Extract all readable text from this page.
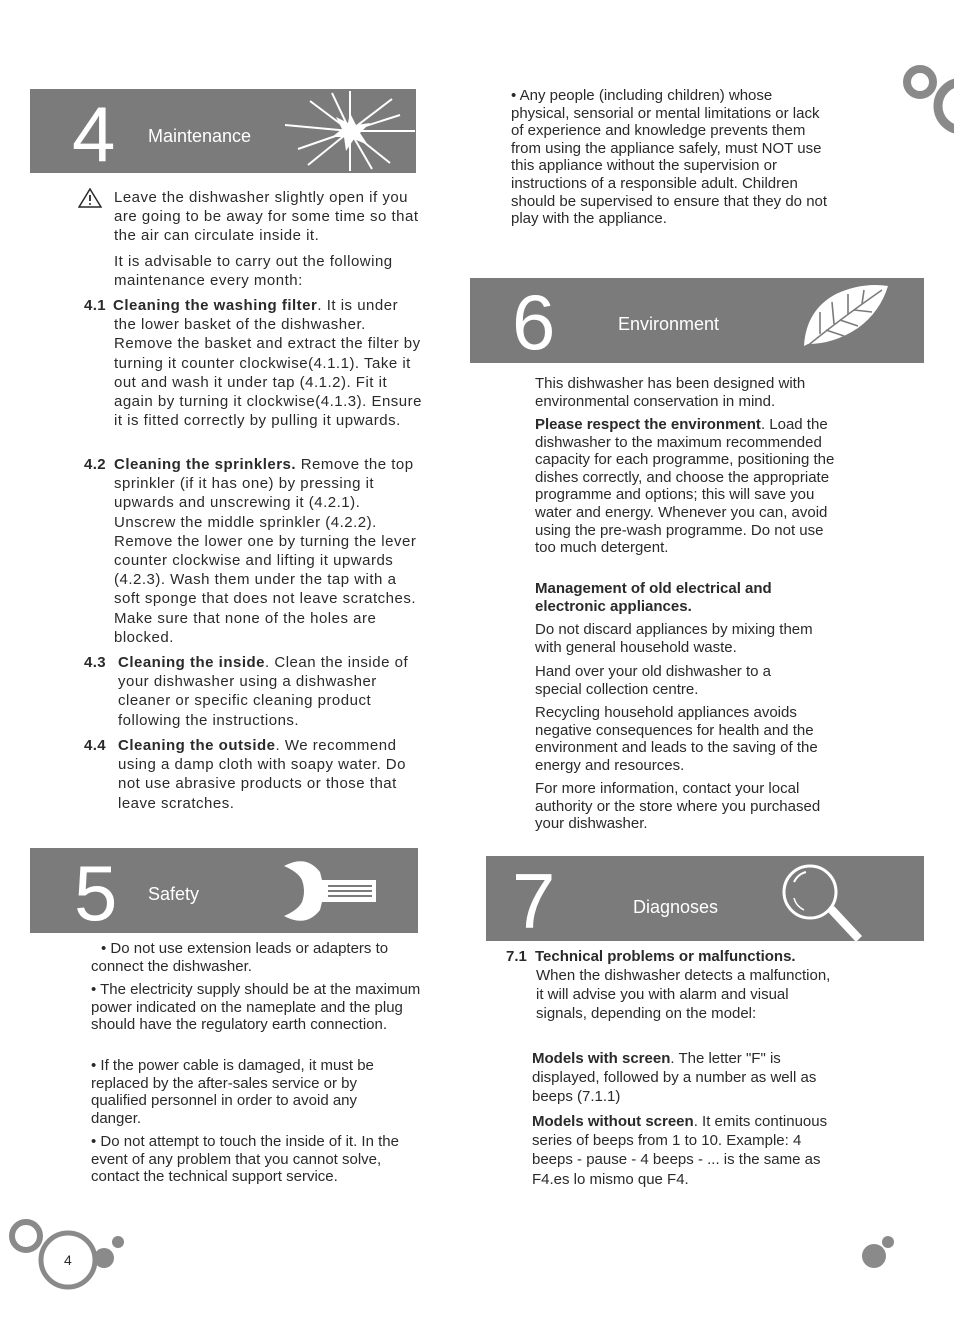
4 Maintenance
Leave the dishwasher slightly open if you are going to be away for some time so that the air can circulate inside it.
It is advisable to carry out the following maintenance every month:
4.1 Cleaning the washing filter. It is under the lower basket of the dishwasher. Remove the basket and extract the filter by turning it counter clockwise(4.1.1). Take it out and wash it under tap (4.1.2). Fit it again by turning it clockwise(4.1.3). Ensure it is fitted correctly by pulling it upwards.
4.2 Cleaning the sprinklers. Remove the top sprinkler (if it has one) by pressing it upwards and unscrewing it (4.2.1). Unscrew the middle sprinkler (4.2.2). Remove the lower one by turning the lever counter clockwise and lifting it upwards (4.2.3). Wash them under the tap with a soft sponge that does not leave scratches. Make sure that none of the holes are blocked.
4.3 Cleaning the inside. Clean the inside of your dishwasher using a dishwasher cleaner or specific cleaning product following the instructions.
4.4 Cleaning the outside. We recommend using a damp cloth with soapy water. Do not use abrasive products or those that leave scratches.
5 Safety
• Do not use extension leads or adapters to connect the dishwasher.
• The electricity supply should be at the maximum power indicated on the nameplate and the plug should have the regulatory earth connection.
• If the power cable is damaged, it must be replaced by the after-sales service or by qualified personnel in order to avoid any danger.
• Do not attempt to touch the inside of it. In the event of any problem that you cannot solve, contact the technical support service.
• Any people (including children) whose physical, sensorial or mental limitations or lack of experience and knowledge prevents them from using the appliance safely, must NOT use this appliance without the supervision or instructions of a responsible adult. Children should be supervised to ensure that they do not play with the appliance.
6	Environment
This dishwasher has been designed with environmental conservation in mind.
Please respect the environment. Load the dishwasher to the maximum recommended capacity for each programme, positioning the dishes correctly, and choose the appropriate programme and options; this will save you water and energy. Whenever you can, avoid using the pre-wash programme. Do not use too much detergent.
Management of old electrical and electronic appliances.
Do not discard appliances by mixing them with general household waste.
Hand over your old dishwasher to a special collection centre.
Recycling household appliances avoids negative consequences for health and the environment and leads to the saving of the energy and resources.
For more information, contact your local authority or the store where you purchased your dishwasher.
7	Diagnoses
7.1 Technical problems or malfunctions.
When the dishwasher detects a malfunction, it will advise you with alarm and visual signals, depending on the model:
Models with screen. The letter "F" is displayed, followed by a number as well as beeps (7.1.1)
Models without screen. It emits continuous series of beeps from 1 to 10. Example: 4 beeps - pause - 4 beeps - ... is the same as F4.es lo mismo que F4.
4
